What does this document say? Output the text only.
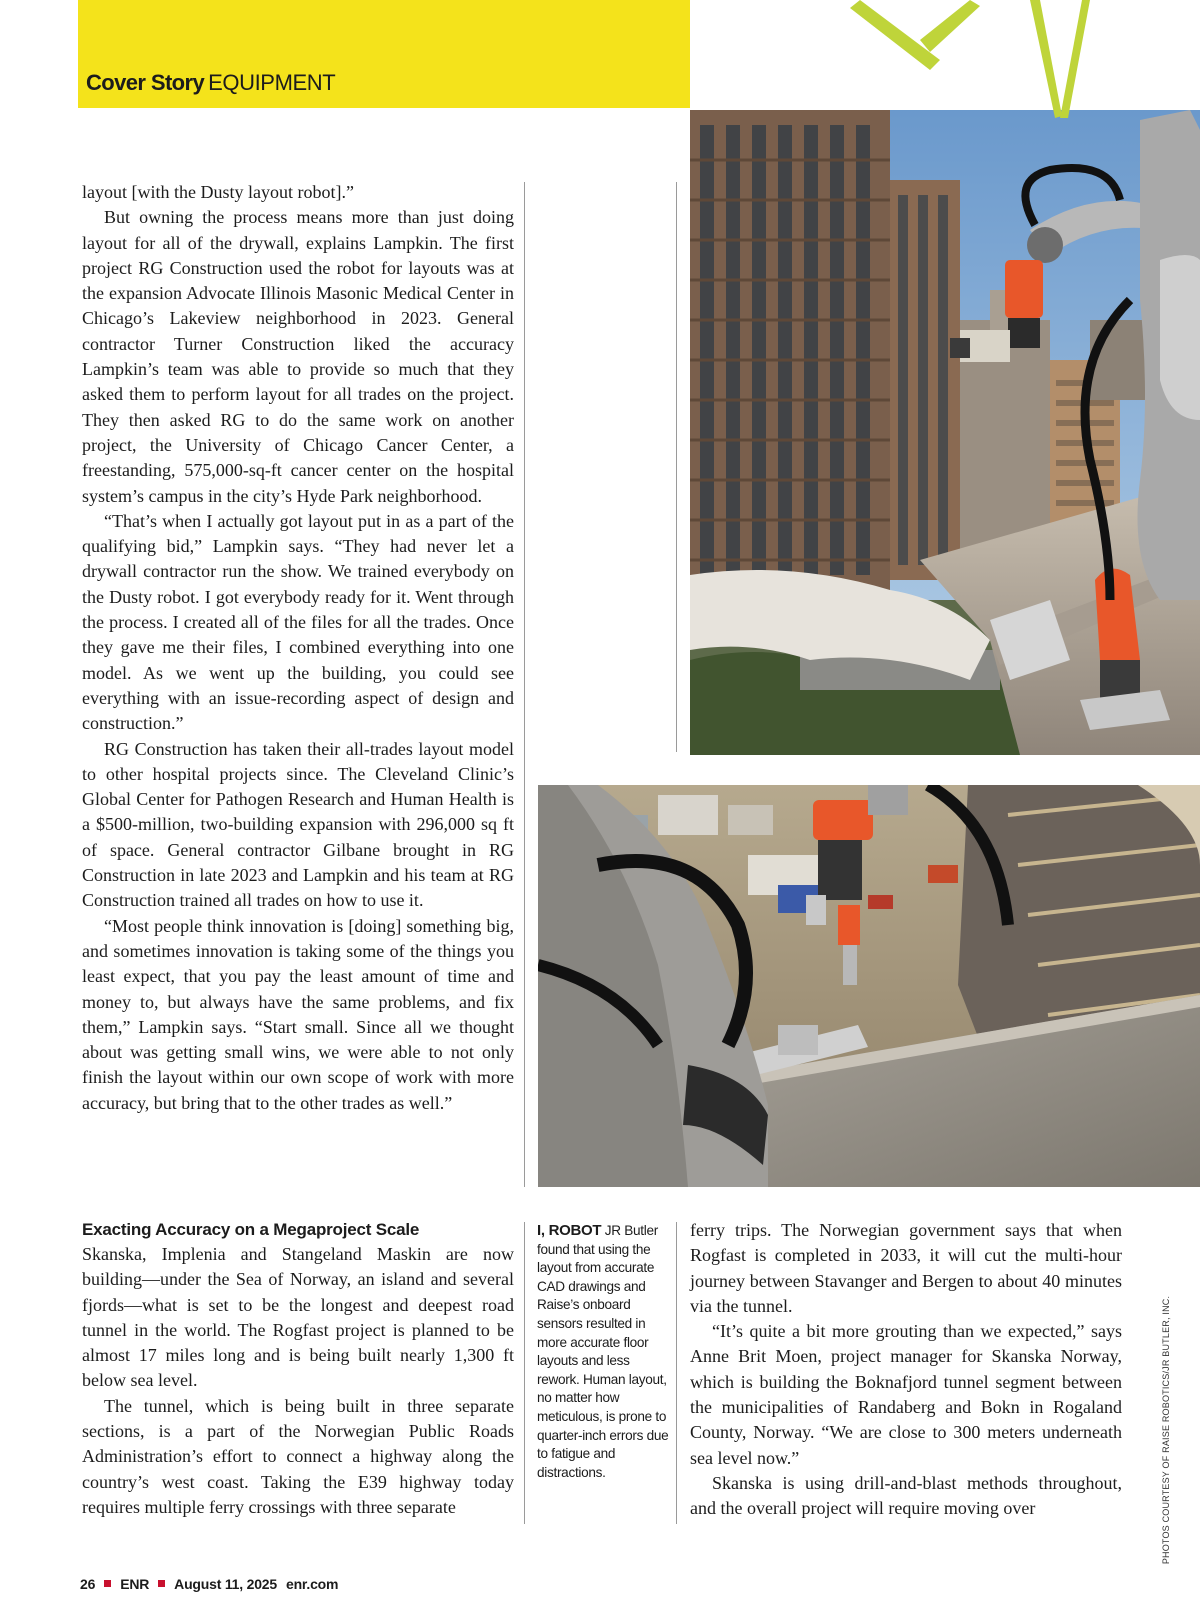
Cover Story EQUIPMENT

layout [with the Dusty layout robot].”

But owning the process means more than just doing layout for all of the drywall, explains Lampkin. The first project RG Construction used the robot for layouts was at the expansion Advocate Illinois Masonic Medical Center in Chicago’s Lakeview neighborhood in 2023. General contractor Turner Construction liked the accuracy Lampkin’s team was able to provide so much that they asked them to perform layout for all trades on the project. They then asked RG to do the same work on another project, the University of Chicago Cancer Center, a freestanding, 575,000-sq-ft cancer center on the hospital system’s campus in the city’s Hyde Park neighborhood.

“That’s when I actually got layout put in as a part of the qualifying bid,” Lampkin says. “They had never let a drywall contractor run the show. We trained everybody on the Dusty robot. I got everybody ready for it. Went through the process. I created all of the files for all the trades. Once they gave me their files, I combined everything into one model. As we went up the building, you could see everything with an issue-recording aspect of design and construction.”

RG Construction has taken their all-trades layout model to other hospital projects since. The Cleveland Clinic’s Global Center for Pathogen Research and Human Health is a $500-million, two-building expansion with 296,000 sq ft of space. General contractor Gilbane brought in RG Construction in late 2023 and Lampkin and his team at RG Construction trained all trades on how to use it.

“Most people think innovation is [doing] something big, and sometimes innovation is taking some of the things you least expect, that you pay the least amount of time and money to, but always have the same problems, and fix them,” Lampkin says. “Start small. Since all we thought about was getting small wins, we were able to not only finish the layout within our own scope of work with more accuracy, but bring that to the other trades as well.”

Exacting Accuracy on a Megaproject Scale

Skanska, Implenia and Stangeland Maskin are now building—under the Sea of Norway, an island and several fjords—what is set to be the longest and deepest road tunnel in the world. The Rogfast project is planned to be almost 17 miles long and is being built nearly 1,300 ft below sea level.

The tunnel, which is being built in three separate sections, is a part of the Norwegian Public Roads Administration’s effort to connect a highway along the country’s west coast. Taking the E39 highway today requires multiple ferry crossings with three separate

I, ROBOT JR Butler found that using the layout from accurate CAD drawings and Raise’s onboard sensors resulted in more accurate floor layouts and less rework. Human layout, no matter how meticulous, is prone to quarter-inch errors due to fatigue and distractions.

ferry trips. The Norwegian government says that when Rogfast is completed in 2033, it will cut the multi-hour journey between Stavanger and Bergen to about 40 minutes via the tunnel.

“It’s quite a bit more grouting than we expected,” says Anne Brit Moen, project manager for Skanska Norway, which is building the Boknafjord tunnel segment between the municipalities of Randaberg and Bokn in Rogaland County, Norway. “We are close to 300 meters underneath sea level now.”

Skanska is using drill-and-blast methods throughout, and the overall project will require moving over	PHOTOS COURTESY OF RAISE ROBOTICS/JR BUTLER, INC.
26 ENR August 11, 2025 enr.com
